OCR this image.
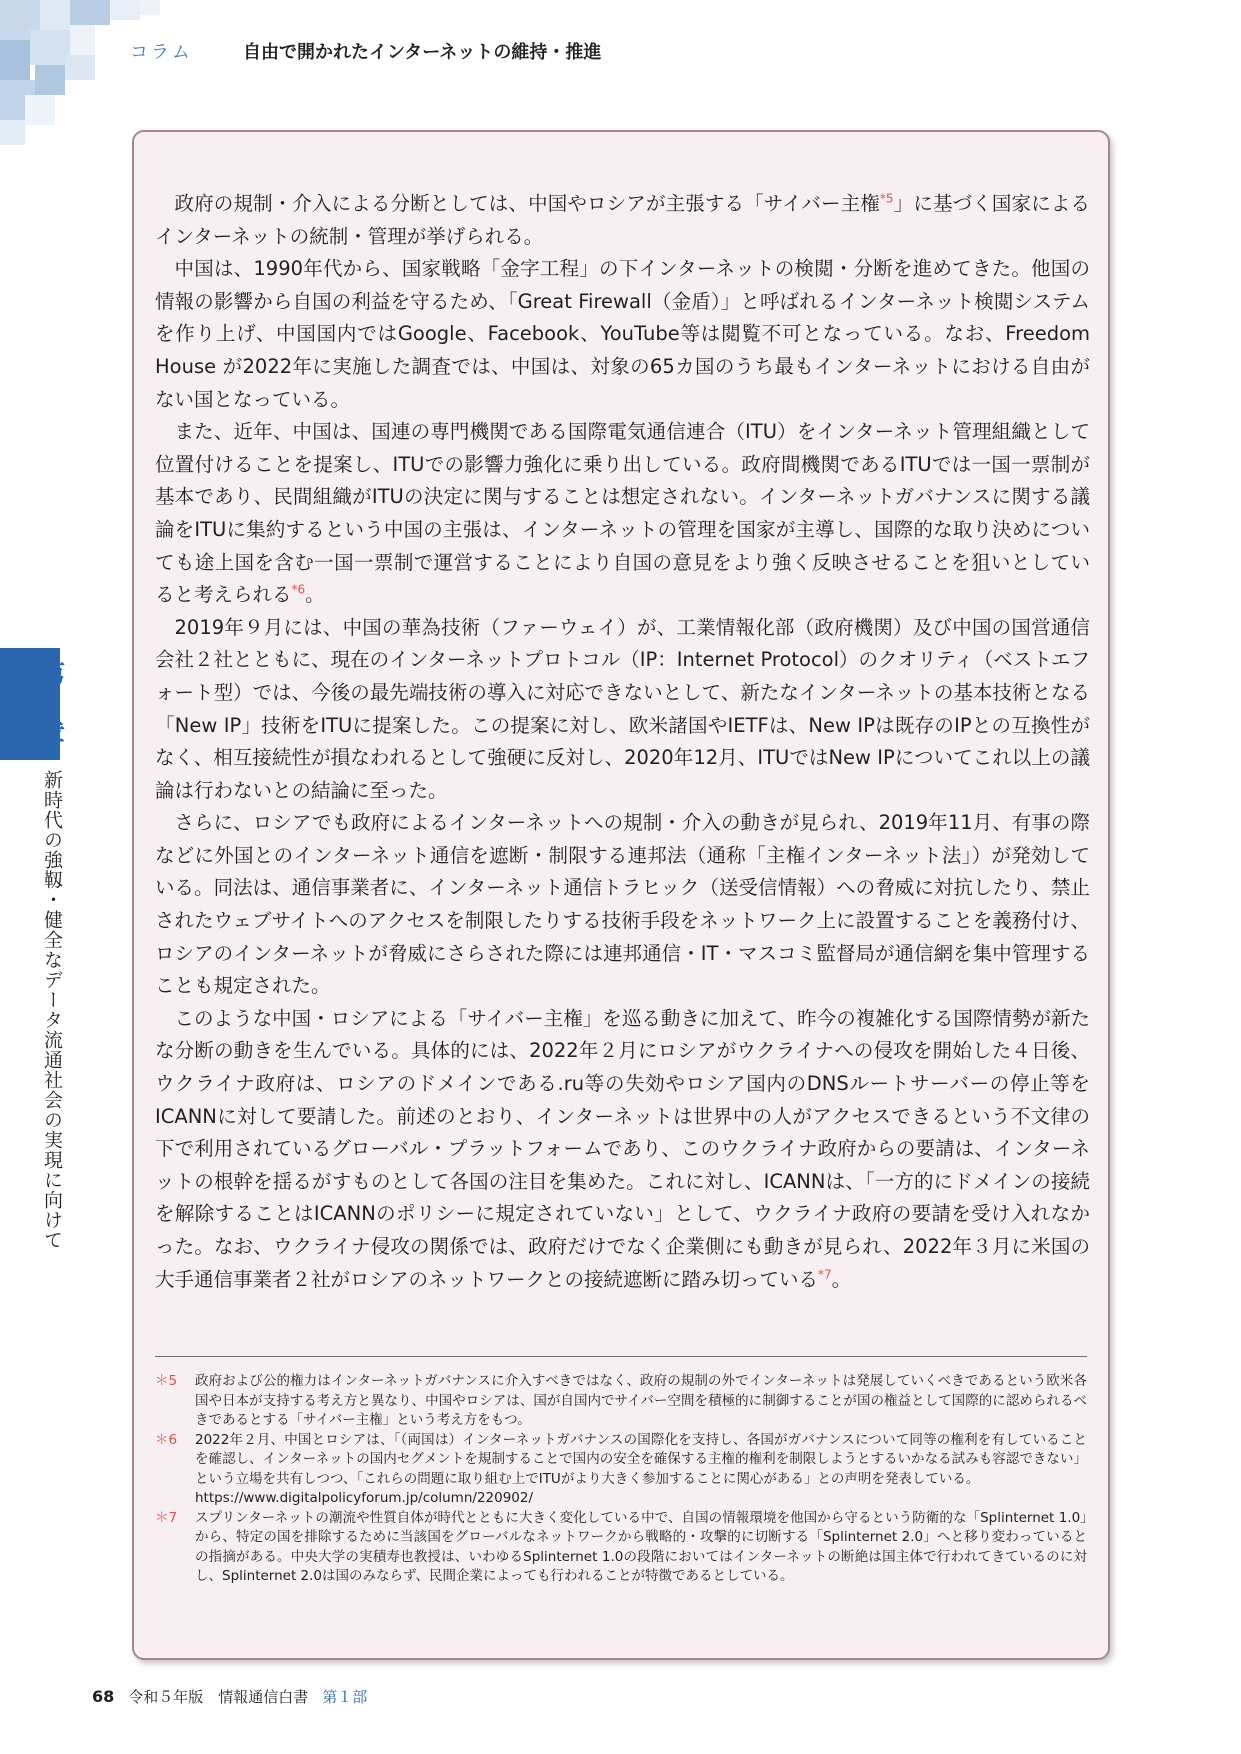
コラム	自由で開かれたインターネットの維持・推進

政府の規制・介入による分断としては、中国やロシアが主張する「サイバー主権$^{*5}$」に基づく国家によるインターネットの統制・管理が挙げられる。

中国は、1990年代から、国家戦略「金字工程」の下インターネットの検閲・分断を進めてきた。他国の情報の影響から自国の利益を守るため、「Great Firewall（金盾）」と呼ばれるインターネット検閲システムを作り上げ、中国国内ではGoogle、Facebook、YouTube等は閲覧不可となっている。なお、Freedom House が2022年に実施した調査では、中国は、対象の65カ国のうち最もインターネットにおける自由がない国となっている。

また、近年、中国は、国連の専門機関である国際電気通信連合（ITU）をインターネット管理組織として位置付けることを提案し、ITUでの影響力強化に乗り出している。政府間機関であるITUでは一国一票制が基本であり、民間組織がITUの決定に関与することは想定されない。インターネットガバナンスに関する議論をITUに集約するという中国の主張は、インターネットの管理を国家が主導し、国際的な取り決めについても途上国を含む一国一票制で運営することにより自国の意見をより強く反映させることを狙いとしていると考えられる$^{*6}$。

2019年９月には、中国の華為技術（ファーウェイ）が、工業情報化部（政府機関）及び中国の国営通信会社２社とともに、現在のインターネットプロトコル（IP：Internet Protocol）のクオリティ（ベストエフォート型）では、今後の最先端技術の導入に対応できないとして、新たなインターネットの基本技術となる「New IP」技術をITUに提案した。この提案に対し、欧米諸国やIETFは、New IPは既存のIPとの互換性がなく、相互接続性が損なわれるとして強硬に反対し、2020年12月、ITUではNew IPについてこれ以上の議論は行わないとの結論に至った。

さらに、ロシアでも政府によるインターネットへの規制・介入の動きが見られ、2019年11月、有事の際などに外国とのインターネット通信を遮断・制限する連邦法（通称「主権インターネット法」）が発効している。同法は、通信事業者に、インターネット通信トラヒック（送受信情報）への脅威に対抗したり、禁止されたウェブサイトへのアクセスを制限したりする技術手段をネットワーク上に設置することを義務付け、ロシアのインターネットが脅威にさらされた際には連邦通信・IT・マスコミ監督局が通信網を集中管理することも規定された。

このような中国・ロシアによる「サイバー主権」を巡る動きに加えて、昨今の複雑化する国際情勢が新たな分断の動きを生んでいる。具体的には、2022年２月にロシアがウクライナへの侵攻を開始した４日後、ウクライナ政府は、ロシアのドメインである.ru等の失効やロシア国内のDNSルートサーバーの停止等をICANNに対して要請した。前述のとおり、インターネットは世界中の人がアクセスできるという不文律の下で利用されているグローバル・プラットフォームであり、このウクライナ政府からの要請は、インターネットの根幹を揺るがすものとして各国の注目を集めた。これに対し、ICANNは、「一方的にドメインの接続を解除することはICANNのポリシーに規定されていない」として、ウクライナ政府の要請を受け入れなかった。なお、ウクライナ侵攻の関係では、政府だけでなく企業側にも動きが見られ、2022年３月に米国の大手通信事業者２社がロシアのネットワークとの接続遮断に踏み切っている$^{*7}$。

＊5	政府および公的権力はインターネットガバナンスに介入すべきではなく、政府の規制の外でインターネットは発展していくべきであるという欧米各国や日本が支持する考え方と異なり、中国やロシアは、国が自国内でサイバー空間を積極的に制御することが国の権益として国際的に認められるべきであるとする「サイバー主権」という考え方をもつ。
＊6	2022年２月、中国とロシアは、「（両国は）インターネットガバナンスの国際化を支持し、各国がガバナンスについて同等の権利を有していることを確認し、インターネットの国内セグメントを規制することで国内の安全を確保する主権的権利を制限しようとするいかなる試みも容認できない」という立場を共有しつつ、「これらの問題に取り組む上でITUがより大きく参加することに関心がある」との声明を発表している。
https://www.digitalpolicyforum.jp/column/220902/
＊7	スプリンターネットの潮流や性質自体が時代とともに大きく変化している中で、自国の情報環境を他国から守るという防衛的な「Splinternet 1.0」から、特定の国を排除するために当該国をグローバルなネットワークから戦略的・攻撃的に切断する「Splinternet 2.0」へと移り変わっているとの指摘がある。中央大学の実積寿也教授は、いわゆるSplinternet 1.0の段階においてはインターネットの断絶は国主体で行われてきているのに対し、Splinternet 2.0は国のみならず、民間企業によっても行われることが特徴であるとしている。
第3章
新時代の強靱・健全なデータ流通社会の実現に向けて
68 令和５年版　情報通信白書 第１部
